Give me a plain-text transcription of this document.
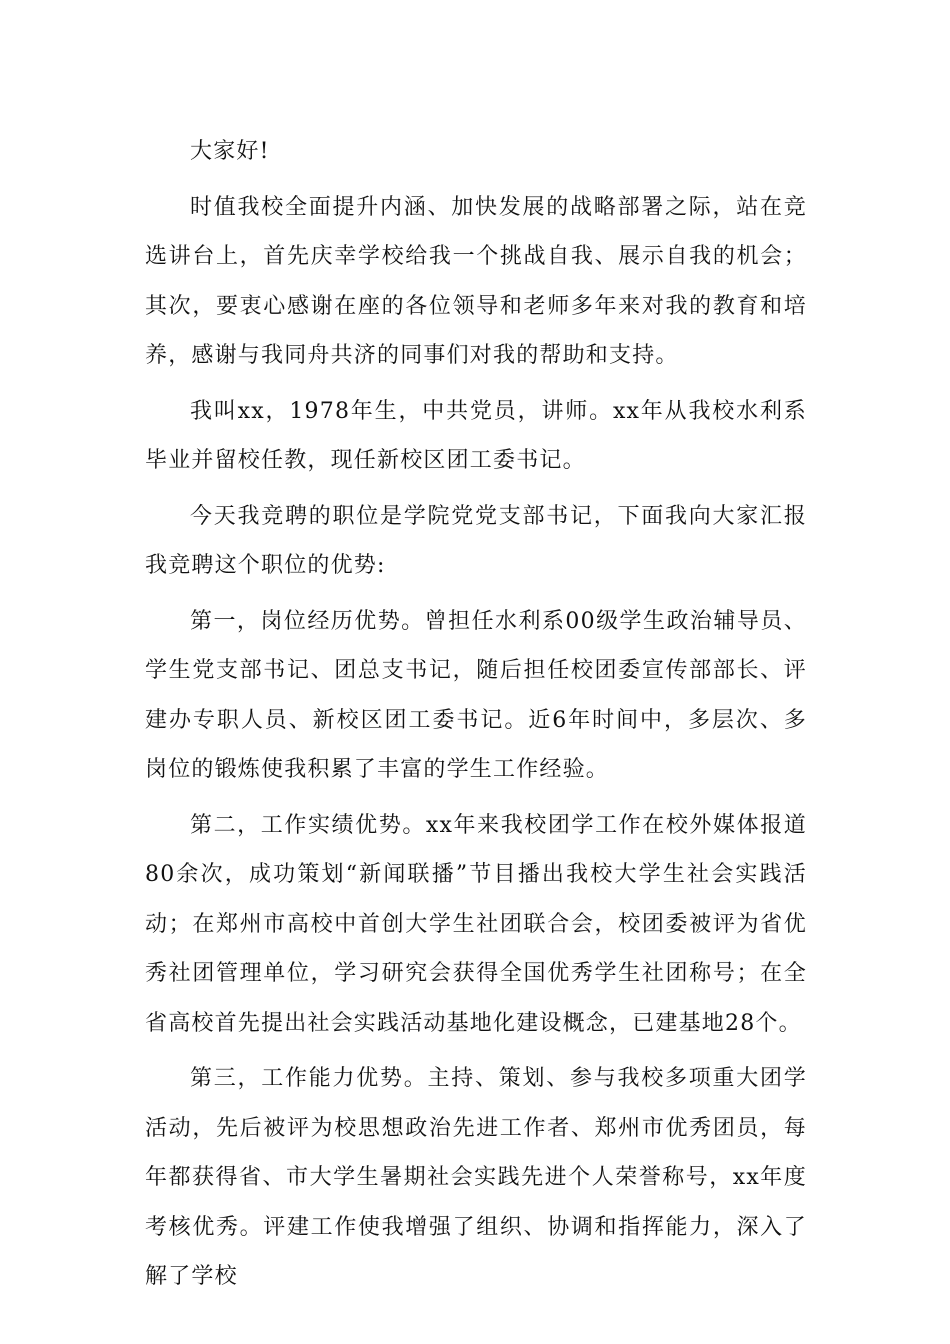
大家好!

时值我校全面提升内涵、加快发展的战略部署之际，站在竞选讲台上，首先庆幸学校给我一个挑战自我、展示自我的机会；其次，要衷心感谢在座的各位领导和老师多年来对我的教育和培养，感谢与我同舟共济的同事们对我的帮助和支持。

我叫xx，1978年生，中共党员，讲师。xx年从我校水利系毕业并留校任教，现任新校区团工委书记。

今天我竞聘的职位是学院党党支部书记，下面我向大家汇报我竞聘这个职位的优势:

第一，岗位经历优势。曾担任水利系00级学生政治辅导员、学生党支部书记、团总支书记，随后担任校团委宣传部部长、评建办专职人员、新校区团工委书记。近6年时间中，多层次、多岗位的锻炼使我积累了丰富的学生工作经验。

第二，工作实绩优势。xx年来我校团学工作在校外媒体报道80余次，成功策划“新闻联播”节目播出我校大学生社会实践活动；在郑州市高校中首创大学生社团联合会，校团委被评为省优秀社团管理单位，学习研究会获得全国优秀学生社团称号；在全省高校首先提出社会实践活动基地化建设概念，已建基地28个。

第三，工作能力优势。主持、策划、参与我校多项重大团学活动，先后被评为校思想政治先进工作者、郑州市优秀团员，每年都获得省、市大学生暑期社会实践先进个人荣誉称号，xx年度考核优秀。评建工作使我增强了组织、协调和指挥能力，深入了解了学校
